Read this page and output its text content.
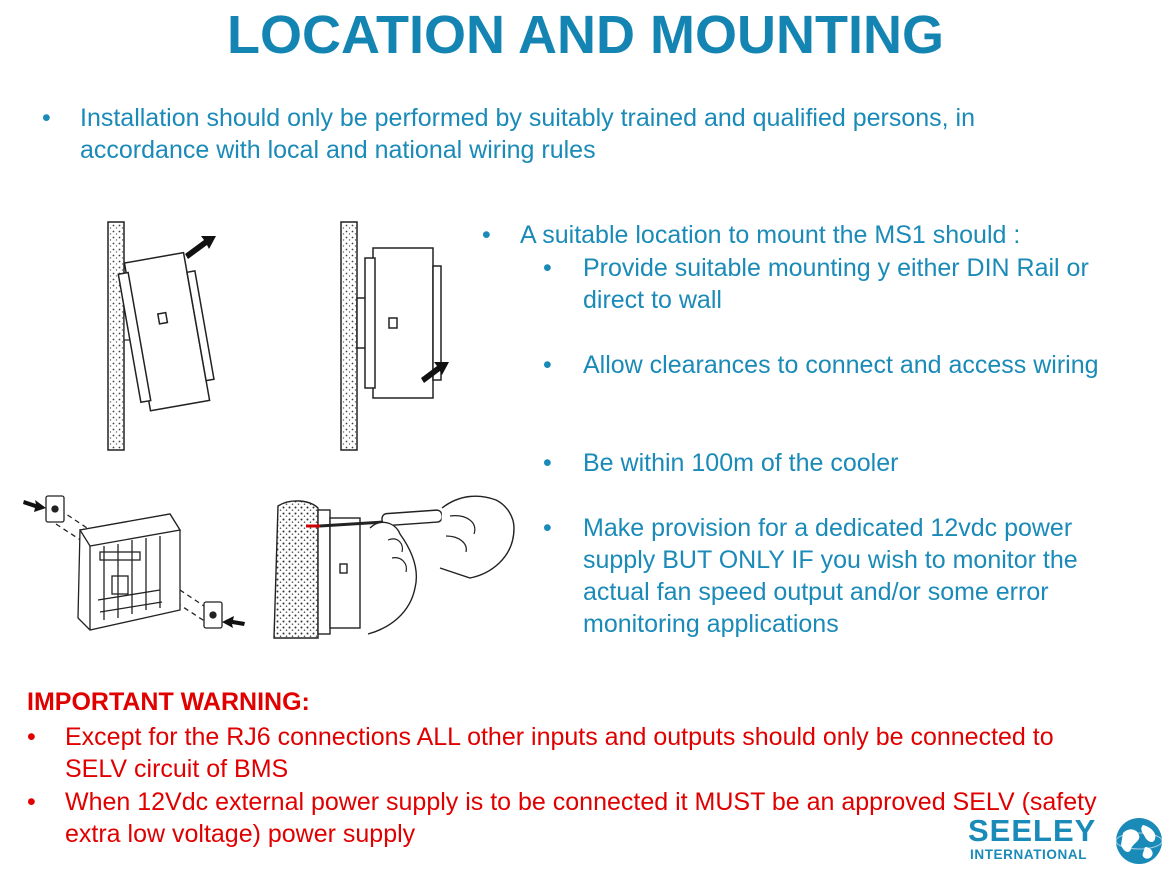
LOCATION AND MOUNTING
•	Installation should only be performed by suitably trained and qualified persons, in accordance with local and national wiring rules
•	A suitable location to mount the MS1 should :
•	Provide suitable mounting y either DIN Rail or direct to wall
•	Allow clearances to connect and access wiring
•	Be within 100m of the cooler
•	Make provision for a dedicated 12vdc power supply BUT ONLY IF you wish to monitor the actual fan speed output and/or some error monitoring applications
IMPORTANT WARNING:
•	Except for the RJ6 connections ALL other inputs and outputs should only be connected to SELV circuit of BMS
•	When 12Vdc external power supply is to be connected it MUST be an approved SELV (safety extra low voltage) power supply	SEELEY
INTERNATIONAL
